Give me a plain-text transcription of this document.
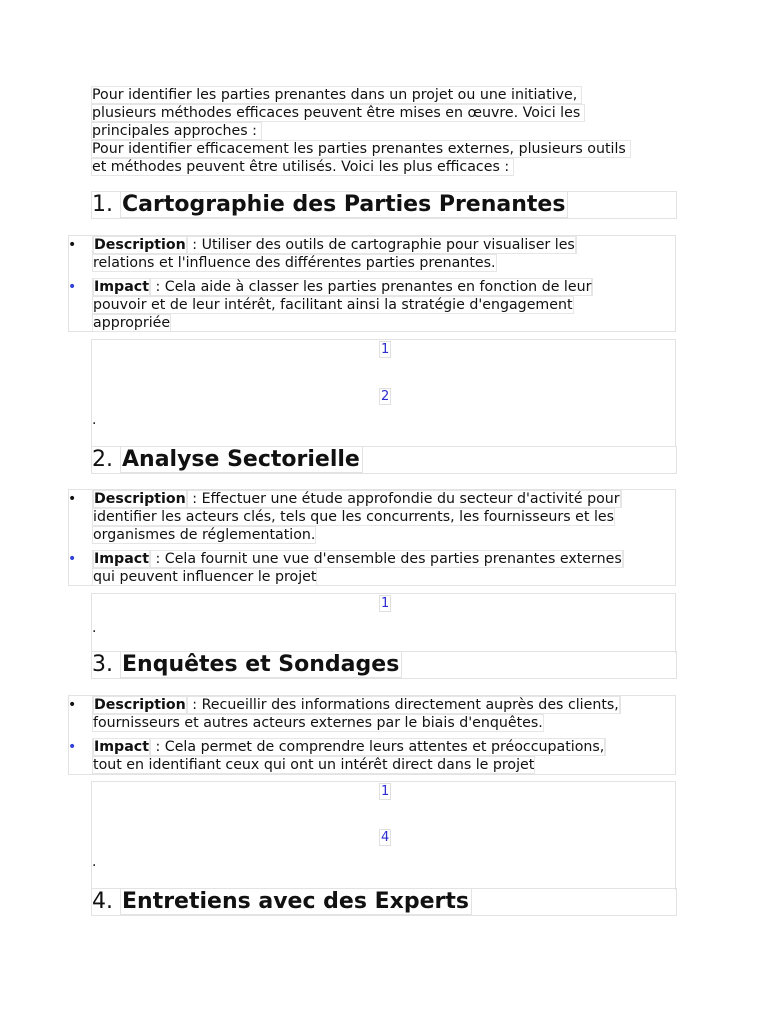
Pour identifier les parties prenantes dans un projet ou une initiative,
plusieurs méthodes efficaces peuvent être mises en œuvre. Voici les
principales approches :
Pour identifier efficacement les parties prenantes externes, plusieurs outils
et méthodes peuvent être utilisés. Voici les plus efficaces :
1. Cartographie des Parties Prenantes
• Description : Utiliser des outils de cartographie pour visualiser les
relations et l'influence des différentes parties prenantes.
• Impact : Cela aide à classer les parties prenantes en fonction de leur
pouvoir et de leur intérêt, facilitant ainsi la stratégie d'engagement
appropriée
1
2
.
2. Analyse Sectorielle
• Description : Effectuer une étude approfondie du secteur d'activité pour
identifier les acteurs clés, tels que les concurrents, les fournisseurs et les
organismes de réglementation.
• Impact : Cela fournit une vue d'ensemble des parties prenantes externes
qui peuvent influencer le projet
1
.
3. Enquêtes et Sondages
• Description : Recueillir des informations directement auprès des clients,
fournisseurs et autres acteurs externes par le biais d'enquêtes.
• Impact : Cela permet de comprendre leurs attentes et préoccupations,
tout en identifiant ceux qui ont un intérêt direct dans le projet
1
4
.
4. Entretiens avec des Experts
